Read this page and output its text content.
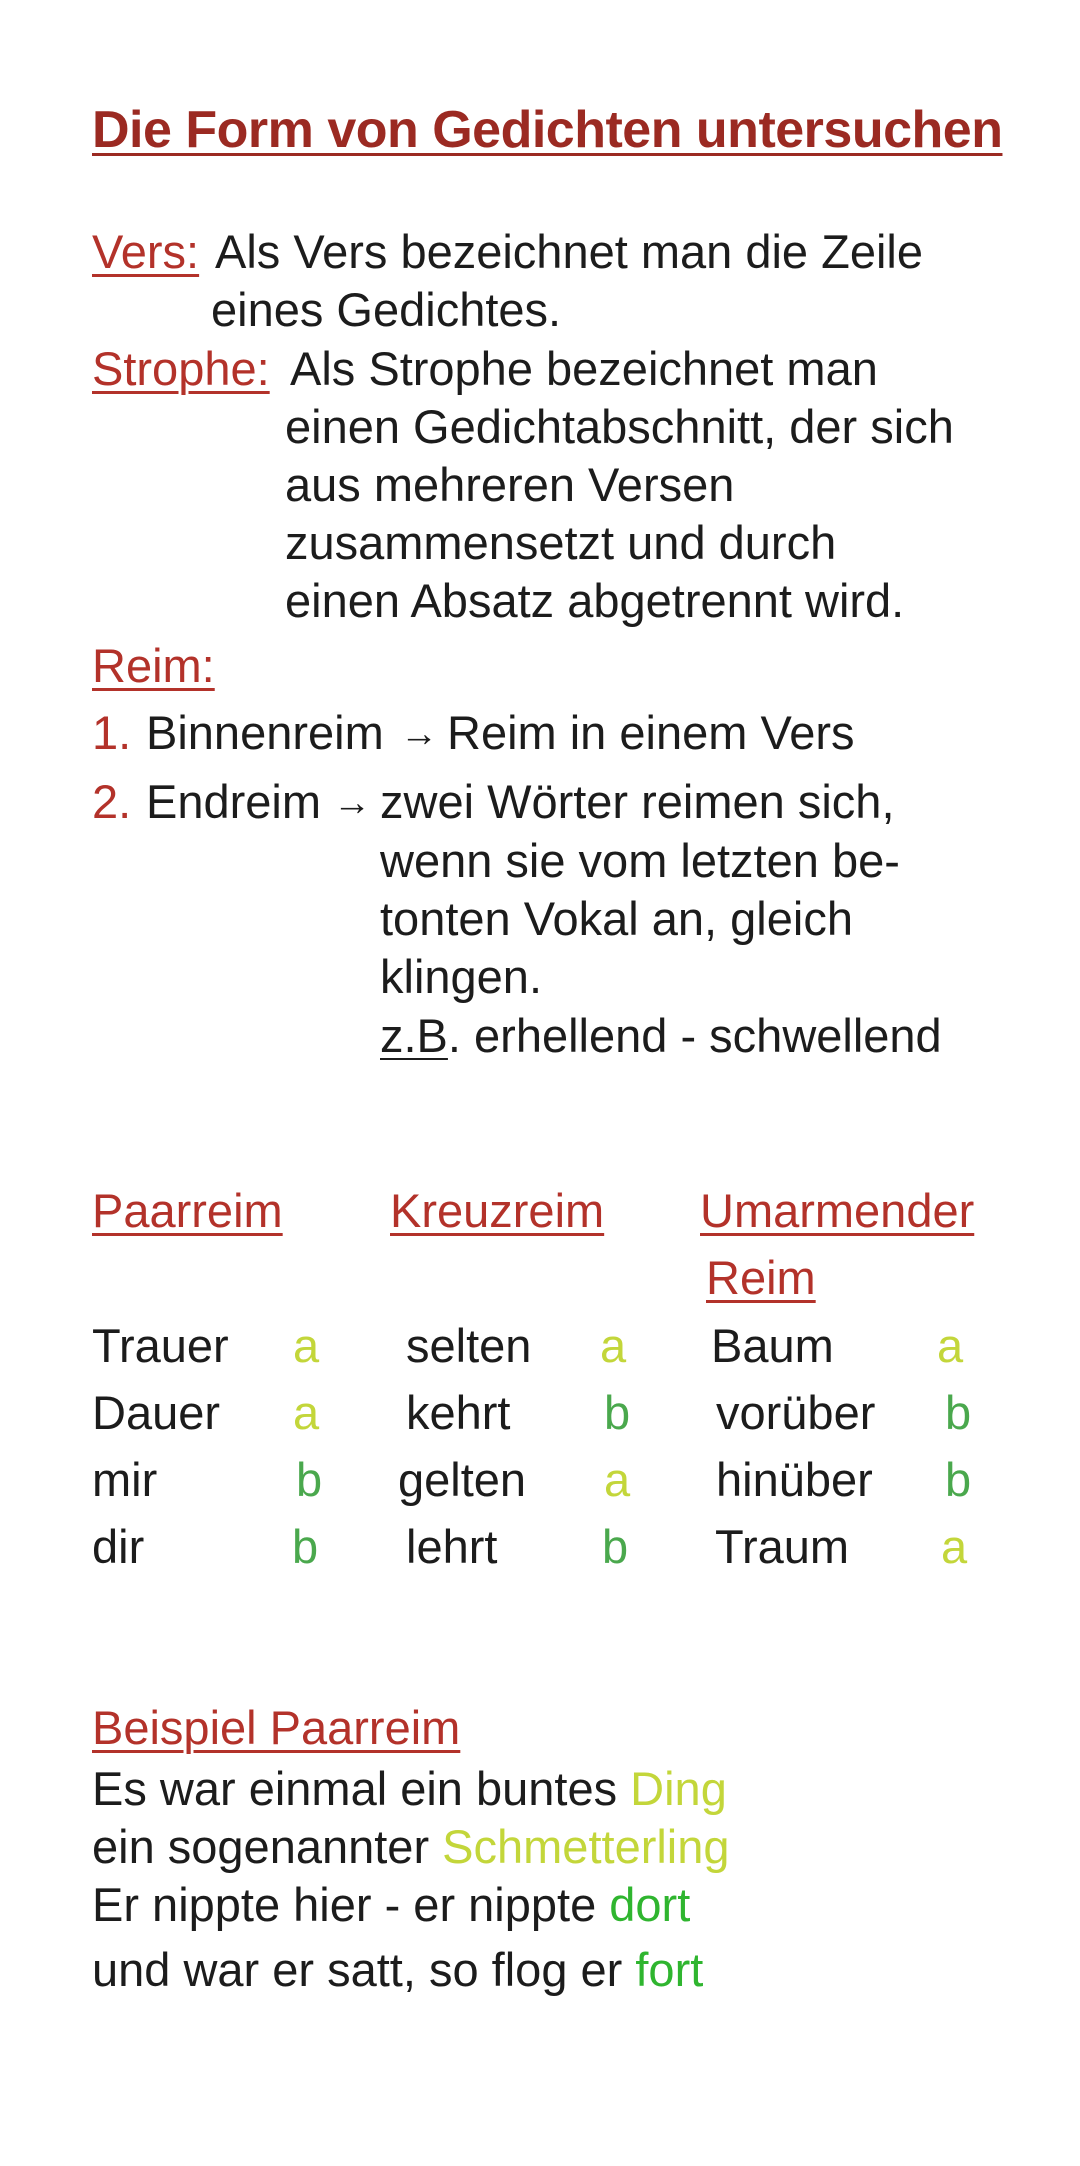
Die Form von Gedichten untersuchen
Vers: Als Vers bezeichnet man die Zeile
eines Gedichtes.
Strophe: Als Strophe bezeichnet man
einen Gedichtabschnitt, der sich
aus mehreren Versen
zusammensetzt und durch
einen Absatz abgetrennt wird.
Reim:
1. Binnenreim → Reim in einem Vers
2. Endreim → zwei Wörter reimen sich,
wenn sie vom letzten be-
tonten Vokal an, gleich
klingen.
z.B. erhellend - schwellend
Paarreim Kreuzreim Umarmender
Reim
Trauer a
Dauer a
mir	b
dir	b
selten a
kehrt b
gelten a
lehrt b
Baum a
vorüber b
hinüber b
Traum a
Beispiel Paarreim
Es war einmal ein buntes Ding
ein sogenannter Schmetterling
Er nippte hier - er nippte dort
und war er satt, so flog er fort
